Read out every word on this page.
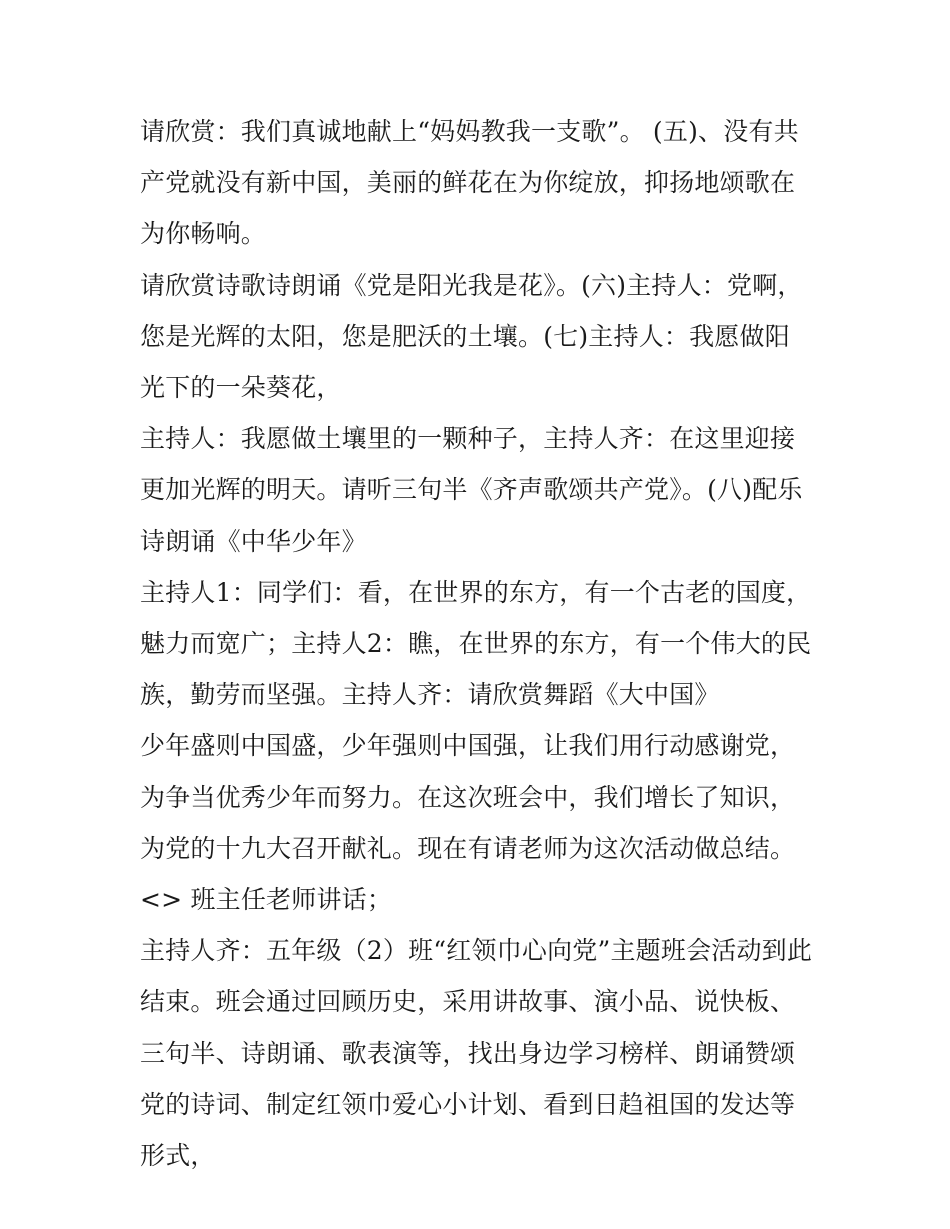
请欣赏：我们真诚地献上“妈妈教我一支歌”。 (五)、没有共产党就没有新中国，美丽的鲜花在为你绽放，抑扬地颂歌在为你畅响。

请欣赏诗歌诗朗诵《党是阳光我是花》。(六)主持人：党啊，您是光辉的太阳，您是肥沃的土壤。(七)主持人：我愿做阳光下的一朵葵花，

主持人：我愿做土壤里的一颗种子，主持人齐：在这里迎接更加光辉的明天。请听三句半《齐声歌颂共产党》。(八)配乐诗朗诵《中华少年》

主持人1：同学们：看，在世界的东方，有一个古老的国度，魅力而宽广；主持人2：瞧，在世界的东方，有一个伟大的民族，勤劳而坚强。主持人齐：请欣赏舞蹈《大中国》

少年盛则中国盛，少年强则中国强，让我们用行动感谢党，为争当优秀少年而努力。在这次班会中，我们增长了知识，为党的十九大召开献礼。现在有请老师为这次活动做总结。

<> 班主任老师讲话；

主持人齐：五年级（2）班“红领巾心向党”主题班会活动到此结束。班会通过回顾历史，采用讲故事、演小品、说快板、三句半、诗朗诵、歌表演等，找出身边学习榜样、朗诵赞颂党的诗词、制定红领巾爱心小计划、看到日趋祖国的发达等形式，
